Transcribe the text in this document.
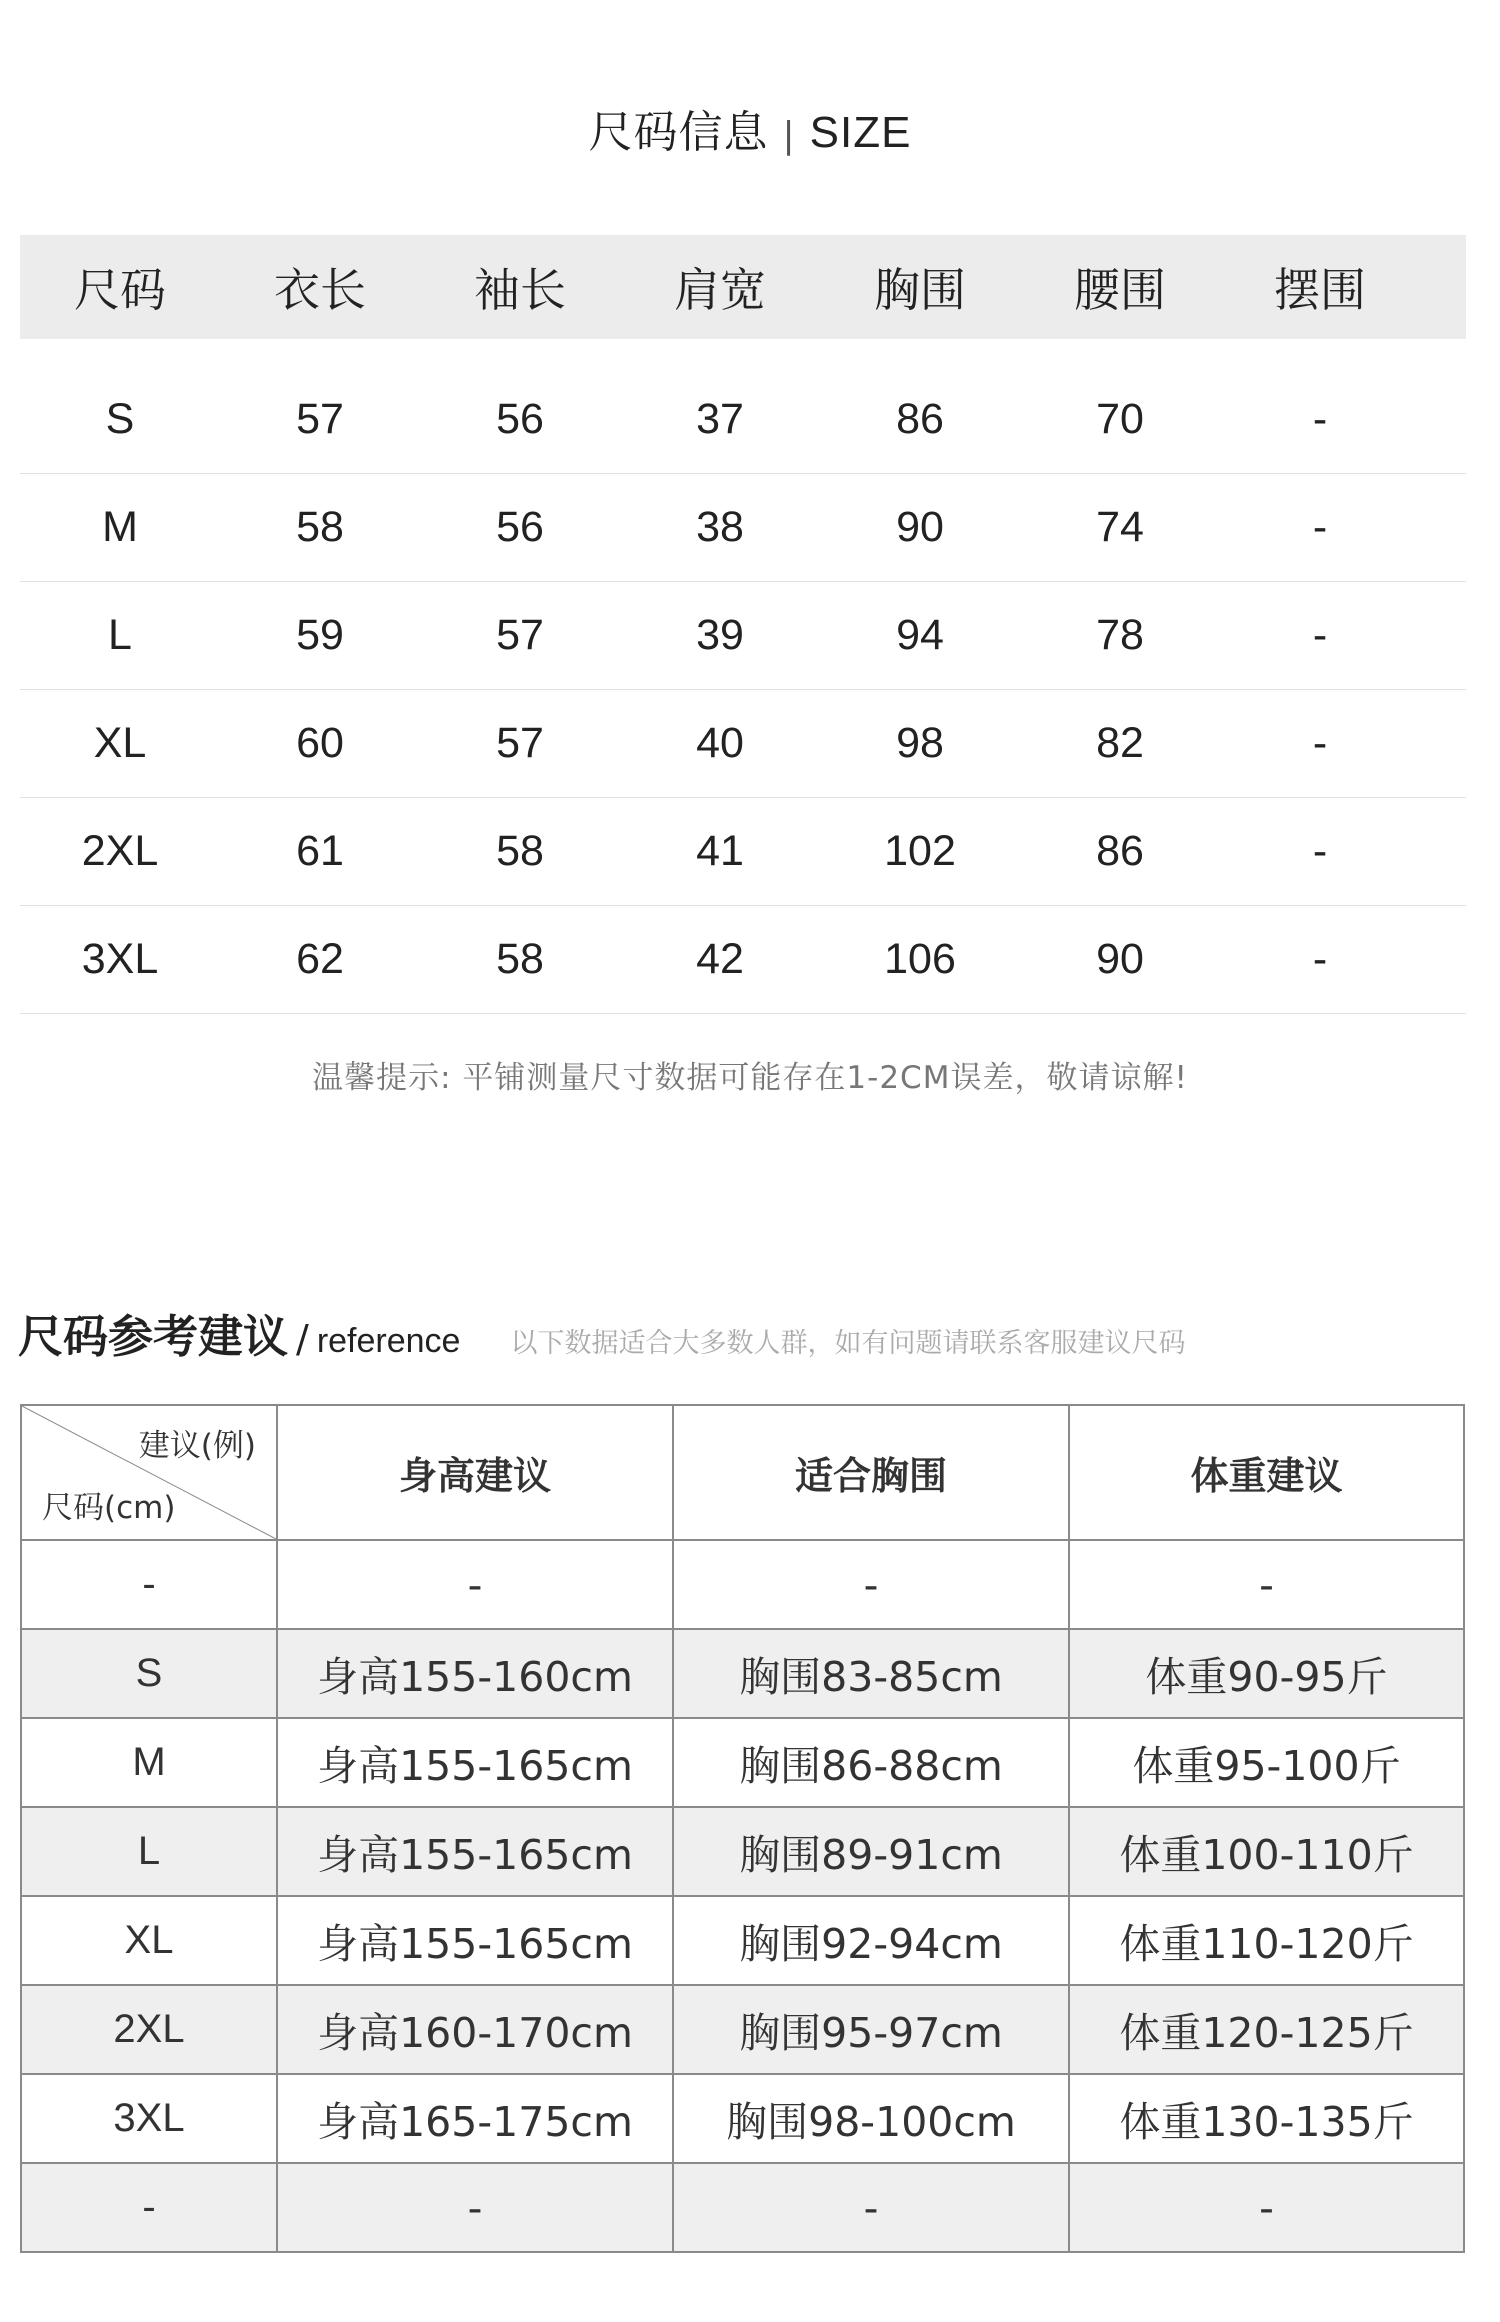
尺码信息 | SIZE
尺码	衣长	袖长	肩宽	胸围	腰围	摆围
S	57	56	37	86	70	-
M	58	56	38	90	74	-
L	59	57	39	94	78	-
XL	60	57	40	98	82	-
2XL	61	58	41	102	86	-
3XL	62	58	42	106	90	-
温馨提示: 平铺测量尺寸数据可能存在1-2CM误差，敬请谅解!
尺码参考建议 / reference 以下数据适合大多数人群，如有问题请联系客服建议尺码
建议(例)
尺码(cm)	身高建议	适合胸围	体重建议
-	-	-	-
S	身高155-160cm	胸围83-85cm	体重90-95斤
M	身高155-165cm	胸围86-88cm	体重95-100斤
L	身高155-165cm	胸围89-91cm	体重100-110斤
XL	身高155-165cm	胸围92-94cm	体重110-120斤
2XL	身高160-170cm	胸围95-97cm	体重120-125斤
3XL	身高165-175cm	胸围98-100cm	体重130-135斤
-	-	-	-
